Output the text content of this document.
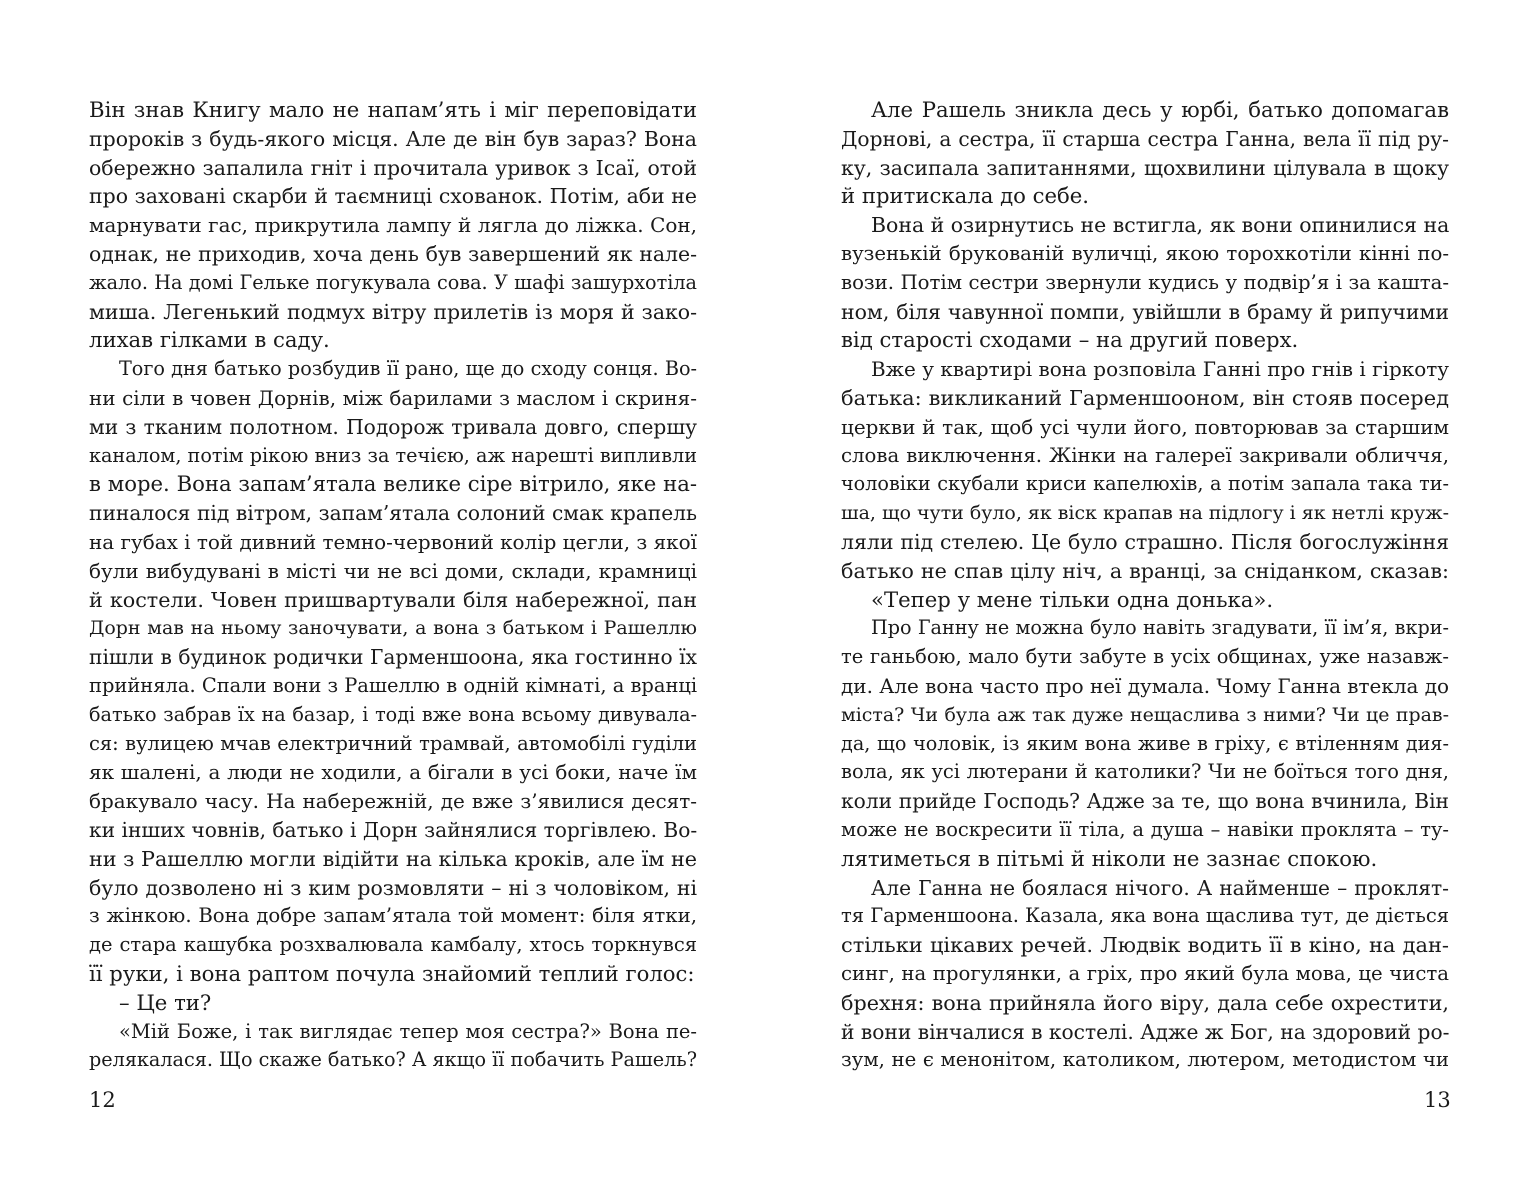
Він знав Книгу мало не напам’ять і міг переповідати
пророків з будь-якого місця. Але де він був зараз? Вона
обережно запалила гніт і прочитала уривок з Ісаї, отой
про заховані скарби й таємниці схованок. Потім, аби не
марнувати гас, прикрутила лампу й лягла до ліжка. Сон,
однак, не приходив, хоча день був завершений як нале-
жало. На домі Гельке погукувала сова. У шафі зашурхотіла
миша. Легенький подмух вітру прилетів із моря й зако-
лихав гілками в саду.
Того дня батько розбудив її рано, ще до сходу сонця. Во-
ни сіли в човен Дорнів, між барилами з маслом і скриня-
ми з тканим полотном. Подорож тривала довго, спершу
каналом, потім рікою вниз за течією, аж нарешті випливли
в море. Вона запам’ятала велике сіре вітрило, яке на-
пиналося під вітром, запам’ятала солоний смак крапель
на губах і той дивний темно-червоний колір цегли, з якої
були вибудувані в місті чи не всі доми, склади, крамниці
й костели. Човен пришвартували біля набережної, пан
Дорн мав на ньому заночувати, а вона з батьком і Рашеллю
пішли в будинок родички Гарменшоона, яка гостинно їх
прийняла. Спали вони з Рашеллю в одній кімнаті, а вранці
батько забрав їх на базар, і тоді вже вона всьому дивувала-
ся: вулицею мчав електричний трамвай, автомобілі гуділи
як шалені, а люди не ходили, а бігали в усі боки, наче їм
бракувало часу. На набережній, де вже з’явилися десят-
ки інших човнів, батько і Дорн зайнялися торгівлею. Во-
ни з Рашеллю могли відійти на кілька кроків, але їм не
було дозволено ні з ким розмовляти – ні з чоловіком, ні
з жінкою. Вона добре запам’ятала той момент: біля ятки,
де стара кашубка розхвалювала камбалу, хтось торкнувся
її руки, і вона раптом почула знайомий теплий голос:
– Це ти?
«Мій Боже, і так виглядає тепер моя сестра?» Вона пе-
релякалася. Що скаже батько? А якщо її побачить Рашель?
Але Рашель зникла десь у юрбі, батько допомагав
Дорнові, а сестра, її старша сестра Ганна, вела її під ру-
ку, засипала запитаннями, щохвилини цілувала в щоку
й притискала до себе.
Вона й озирнутись не встигла, як вони опинилися на
вузенькій брукованій вуличці, якою торохкотіли кінні по-
вози. Потім сестри звернули кудись у подвір’я і за кашта-
ном, біля чавунної помпи, увійшли в браму й рипучими
від старості сходами – на другий поверх.
Вже у квартирі вона розповіла Ганні про гнів і гіркоту
батька: викликаний Гарменшооном, він стояв посеред
церкви й так, щоб усі чули його, повторював за старшим
слова виключення. Жінки на галереї закривали обличчя,
чоловіки скубали криси капелюхів, а потім запала така ти-
ша, що чути було, як віск крапав на підлогу і як нетлі круж-
ляли під стелею. Це було страшно. Після богослужіння
батько не спав цілу ніч, а вранці, за сніданком, сказав:
«Тепер у мене тільки одна донька».
Про Ганну не можна було навіть згадувати, її ім’я, вкри-
те ганьбою, мало бути забуте в усіх общинах, уже назавж-
ди. Але вона часто про неї думала. Чому Ганна втекла до
міста? Чи була аж так дуже нещаслива з ними? Чи це прав-
да, що чоловік, із яким вона живе в гріху, є втіленням дия-
вола, як усі лютерани й католики? Чи не боїться того дня,
коли прийде Господь? Адже за те, що вона вчинила, Він
може не воскресити її тіла, а душа – навіки проклята – ту-
лятиметься в пітьмі й ніколи не зазнає спокою.
Але Ганна не боялася нічого. А найменше – проклят-
тя Гарменшоона. Казала, яка вона щаслива тут, де діється
стільки цікавих речей. Людвік водить її в кіно, на дан-
синг, на прогулянки, а гріх, про який була мова, це чиста
брехня: вона прийняла його віру, дала себе охрестити,
й вони вінчалися в костелі. Адже ж Бог, на здоровий ро-
зум, не є менонітом, католиком, лютером, методистом чи
12	13
